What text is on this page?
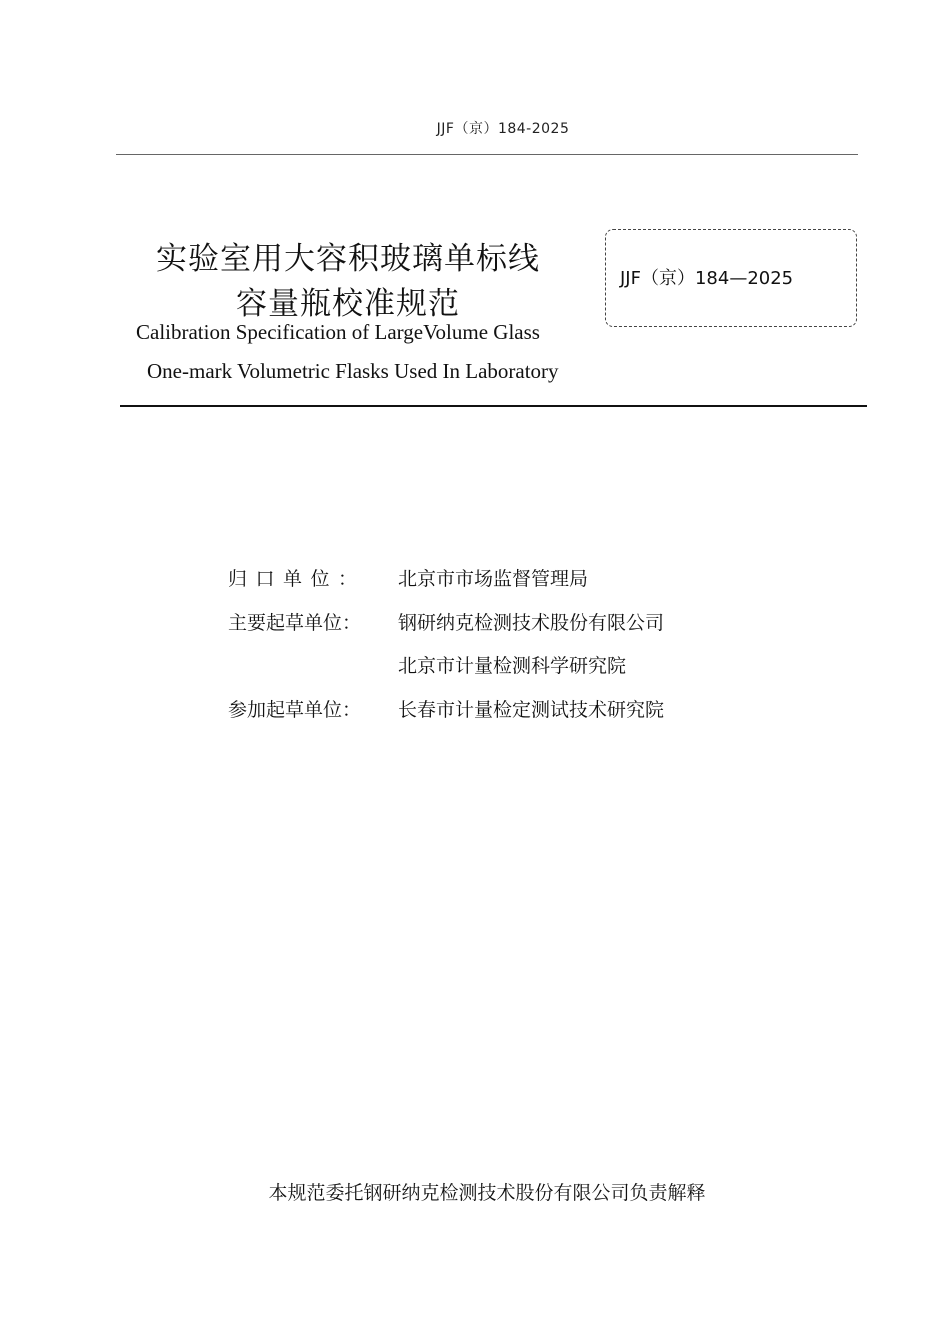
JJF（京）184-2025
实验室用大容积玻璃单标线
容量瓶校准规范
Calibration Specification of LargeVolume Glass
One-mark Volumetric Flasks Used In Laboratory
JJF（京）184—2025
归口单位： 北京市市场监督管理局
主要起草单位： 钢研纳克检测技术股份有限公司
北京市计量检测科学研究院
参加起草单位： 长春市计量检定测试技术研究院
本规范委托钢研纳克检测技术股份有限公司负责解释
